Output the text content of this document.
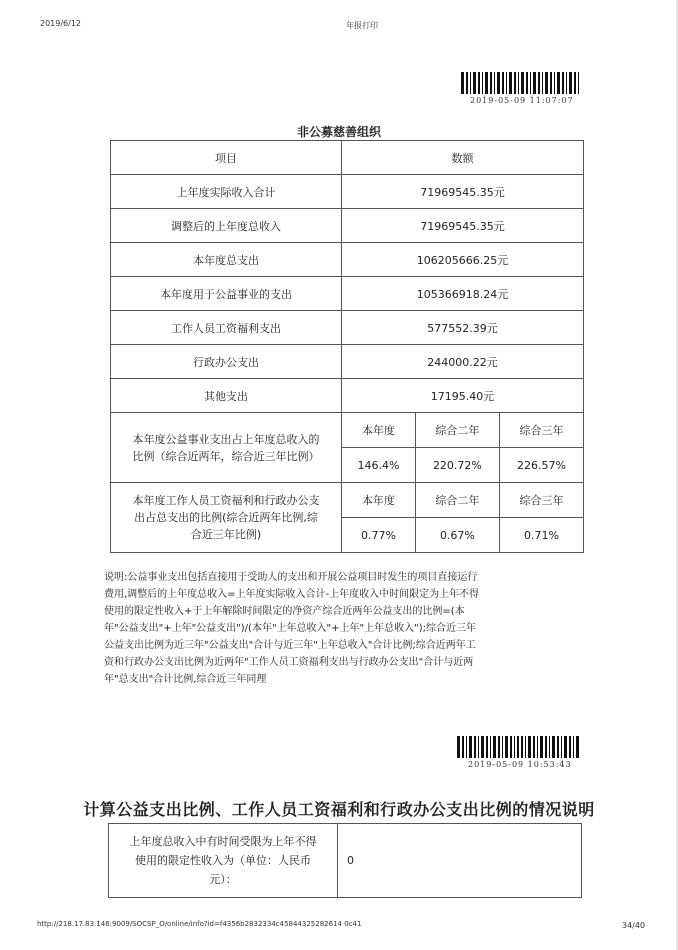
2019/6/12	年报打印
2019-05-09 11:07:07
非公募慈善组织
项目	数额		
上年度实际收入合计	71969545.35元		
调整后的上年度总收入	71969545.35元		
本年度总支出	106205666.25元		
本年度用于公益事业的支出	105366918.24元		
工作人员工资福利支出	577552.39元		
行政办公支出	244000.22元		
其他支出	17195.40元		
本年度公益事业支出占上年度总收入的
比例（综合近两年，综合近三年比例）	本年度	综合二年	综合三年
	146.4%	220.72%	226.57%
本年度工作人员工资福利和行政办公支
出占总支出的比例(综合近两年比例,综
合近三年比例)	本年度	综合二年	综合三年
	0.77%	0.67%	0.71%
说明:公益事业支出包括直接用于受助人的支出和开展公益项目时发生的项目直接运行
费用,调整后的上年度总收入=上年度实际收入合计-上年度收入中时间限定为上年不得
使用的限定性收入+于上年解除时间限定的净资产综合近两年公益支出的比例=(本
年"公益支出"+上年"公益支出")/(本年"上年总收入"+上年"上年总收入");综合近三年
公益支出比例为近三年"公益支出"合计与近三年"上年总收入"合计比例;综合近两年工
资和行政办公支出比例为近两年"工作人员工资福利支出与行政办公支出"合计与近两
年"总支出"合计比例,综合近三年同理
2019-05-09 10:53:43
计算公益支出比例、工作人员工资福利和行政办公支出比例的情况说明
上年度总收入中有时间受限为上年不得
使用的限定性收入为（单位：人民币
元）：	0
http://218.17.83.146:9009/SOCSP_O/online/info?id=f4356b2832334c45844325282614 0c41	34/40
